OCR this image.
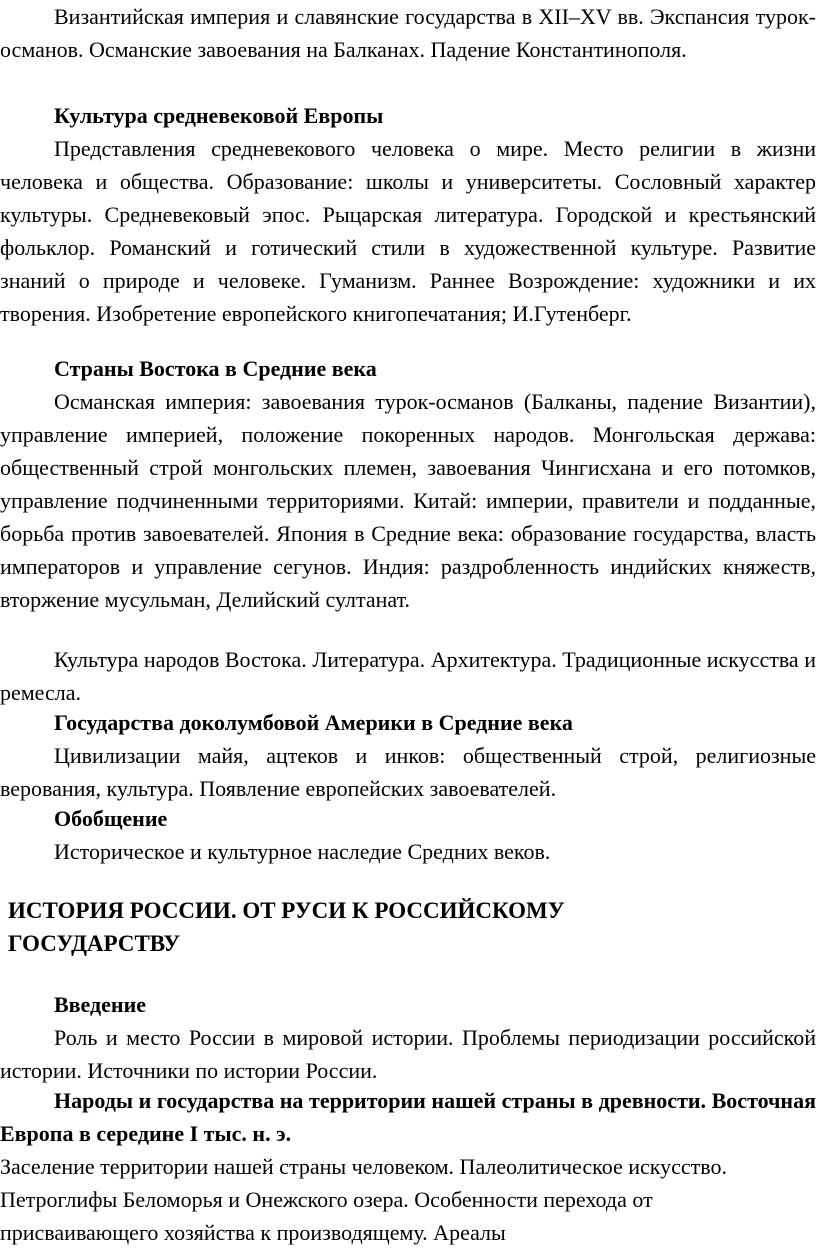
Византийская империя и славянские государства в XII–XV вв. Экспансия турок-османов. Османские завоевания на Балканах. Падение Константинополя.

Культура средневековой Европы

Представления средневекового человека о мире. Место религии в жизни человека и общества. Образование: школы и университеты. Сословный характер культуры. Средневековый эпос. Рыцарская литература. Городской и крестьянский фольклор. Романский и готический стили в художественной культуре. Развитие знаний о природе и человеке. Гуманизм. Раннее Возрождение: художники и их творения. Изобретение европейского книгопечатания; И.Гутенберг.

Страны Востока в Средние века

Османская империя: завоевания турок-османов (Балканы, падение Византии), управление империей, положение покоренных народов. Монгольская держава: общественный строй монгольских племен, завоевания Чингисхана и его потомков, управление подчиненными территориями. Китай: империи, правители и подданные, борьба против завоевателей. Япония в Средние века: образование государства, власть императоров и управление сегунов. Индия: раздробленность индийских княжеств, вторжение мусульман, Делийский султанат.

Культура народов Востока. Литература. Архитектура. Традиционные искусства и ремесла.

Государства доколумбовой Америки в Средние века

Цивилизации майя, ацтеков и инков: общественный строй, религиозные верования, культура. Появление европейских завоевателей.

Обобщение

Историческое и культурное наследие Средних веков.

ИСТОРИЯ РОССИИ. ОТ РУСИ К РОССИЙСКОМУ ГОСУДАРСТВУ

Введение

Роль и место России в мировой истории. Проблемы периодизации российской истории. Источники по истории России.

Народы и государства на территории нашей страны в древности. Восточная Европа в середине I тыс. н. э.

Заселение территории нашей страны человеком. Палеолитическое искусство. Петроглифы Беломорья и Онежского озера. Особенности перехода от присваивающего хозяйства к производящему. Ареалы
